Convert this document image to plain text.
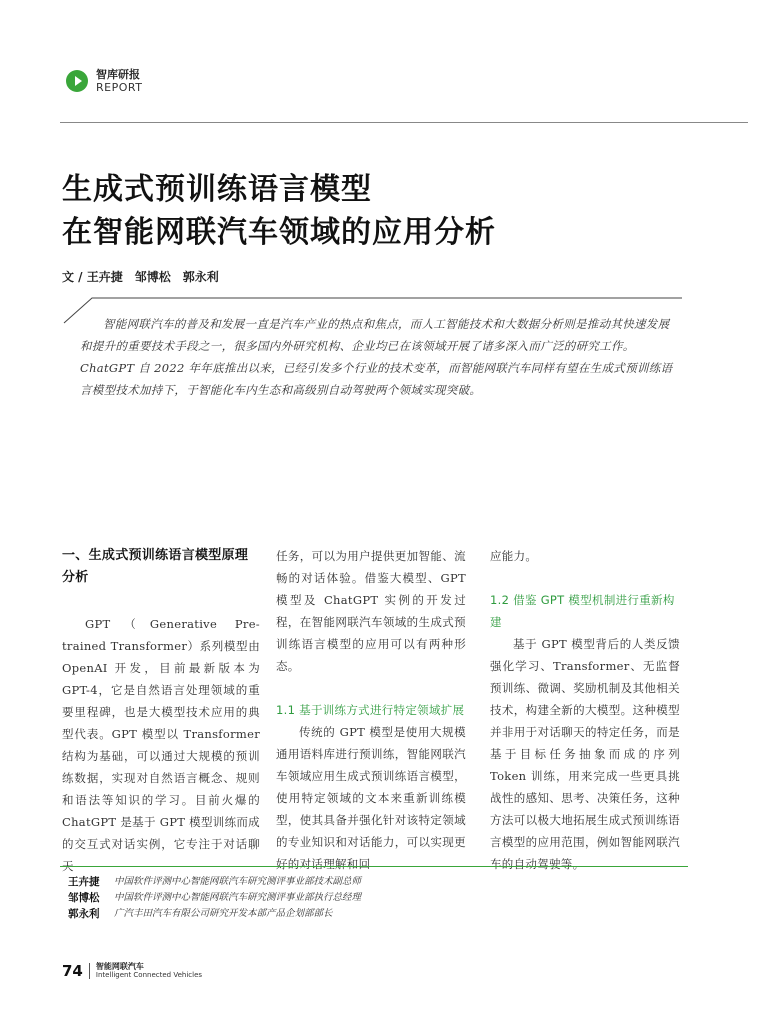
智库研报
REPORT
生成式预训练语言模型
在智能网联汽车领域的应用分析
文 / 王卉捷　邹博松　郭永利

智能网联汽车的普及和发展一直是汽车产业的热点和焦点，而人工智能技术和大数据分析则是推动其快速发展和提升的重要技术手段之一，很多国内外研究机构、企业均已在该领域开展了诸多深入而广泛的研究工作。ChatGPT 自 2022 年年底推出以来，已经引发多个行业的技术变革，而智能网联汽车同样有望在生成式预训练语言模型技术加持下，于智能化车内生态和高级别自动驾驶两个领域实现突破。

一、生成式预训练语言模型原理分析

GPT（Generative Pre-trained Transformer）系列模型由 OpenAI 开发，目前最新版本为 GPT-4，它是自然语言处理领域的重要里程碑，也是大模型技术应用的典型代表。GPT 模型以 Transformer 结构为基础，可以通过大规模的预训练数据，实现对自然语言概念、规则和语法等知识的学习。目前火爆的 ChatGPT 是基于 GPT 模型训练而成的交互式对话实例，它专注于对话聊天

任务，可以为用户提供更加智能、流畅的对话体验。借鉴大模型、GPT 模型及 ChatGPT 实例的开发过程，在智能网联汽车领域的生成式预训练语言模型的应用可以有两种形态。

1.1 基于训练方式进行特定领域扩展

传统的 GPT 模型是使用大规模通用语料库进行预训练，智能网联汽车领域应用生成式预训练语言模型，使用特定领域的文本来重新训练模型，使其具备并强化针对该特定领域的专业知识和对话能力，可以实现更好的对话理解和回

应能力。

1.2 借鉴 GPT 模型机制进行重新构建

基于 GPT 模型背后的人类反馈强化学习、Transformer、无监督预训练、微调、奖励机制及其他相关技术，构建全新的大模型。这种模型并非用于对话聊天的特定任务，而是基于目标任务抽象而成的序列 Token 训练，用来完成一些更具挑战性的感知、思考、决策任务，这种方法可以极大地拓展生成式预训练语言模型的应用范围，例如智能网联汽车的自动驾驶等。

王卉捷	中国软件评测中心智能网联汽车研究测评事业部技术副总师
邹博松	中国软件评测中心智能网联汽车研究测评事业部执行总经理
郭永利	广汽丰田汽车有限公司研究开发本部产品企划部部长
74 智能网联汽车
Intelligent Connected Vehicles
